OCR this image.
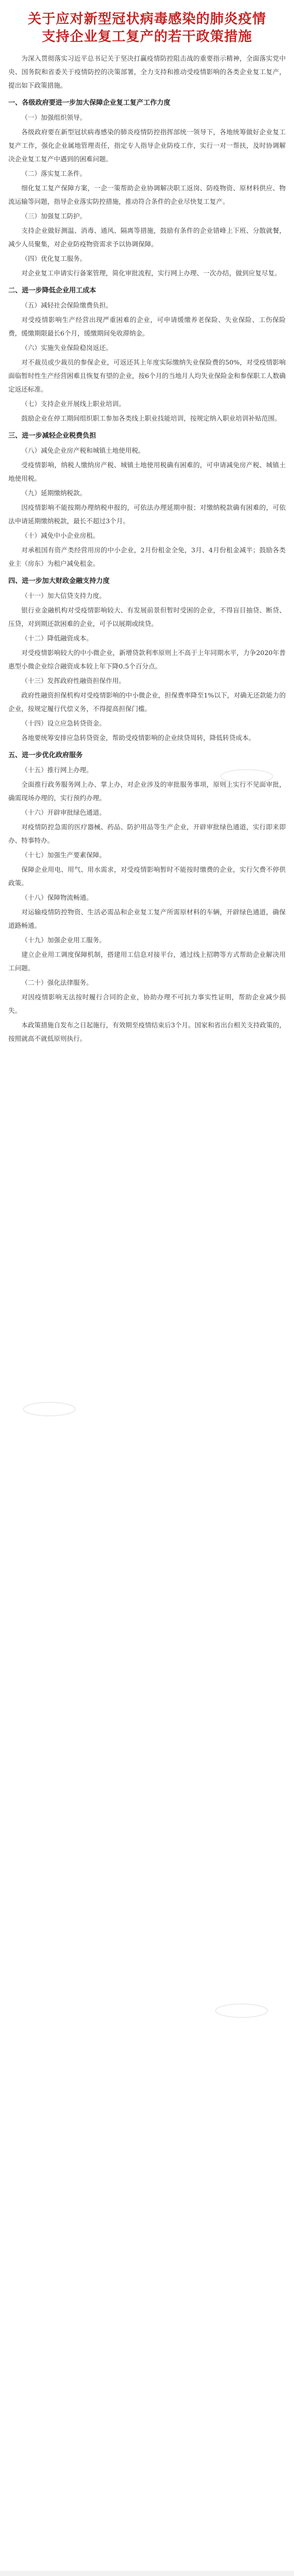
关于应对新型冠状病毒感染的肺炎疫情
支持企业复工复产的若干政策措施

为深入贯彻落实习近平总书记关于坚决打赢疫情防控阻击战的重要指示精神，全面落实党中央、国务院和省委关于疫情防控的决策部署，全力支持和推动受疫情影响的各类企业复工复产，提出如下政策措施。

一、各级政府要进一步加大保障企业复工复产工作力度
（一）加强组织领导。

各级政府要在新型冠状病毒感染的肺炎疫情防控指挥部统一领导下，各地统筹做好企业复工复产工作，强化企业属地管理责任，指定专人指导企业防疫工作，实行一对一帮扶，及时协调解决企业复工复产中遇到的困难问题。

（二）落实复工条件。

细化复工复产保障方案，一企一策帮助企业协调解决职工返岗、防疫物资、原材料供应、物流运输等问题，指导企业落实防控措施，推动符合条件的企业尽快复工复产。

（三）加强复工防护。

支持企业做好测温、消毒、通风、隔离等措施，鼓励有条件的企业错峰上下班、分散就餐，减少人员聚集，对企业防疫物资需求予以协调保障。

（四）优化复工服务。

对企业复工申请实行备案管理，简化审批流程，实行网上办理、一次办结，做到应复尽复。

二、进一步降低企业用工成本
（五）减轻社会保险缴费负担。

对受疫情影响生产经营出现严重困难的企业，可申请缓缴养老保险、失业保险、工伤保险费，缓缴期限最长6个月，缓缴期间免收滞纳金。

（六）实施失业保险稳岗返还。

对不裁员或少裁员的参保企业，可返还其上年度实际缴纳失业保险费的50%，对受疫情影响面临暂时性生产经营困难且恢复有望的企业，按6个月的当地月人均失业保险金和参保职工人数确定返还标准。

（七）支持企业开展线上职业培训。

鼓励企业在停工期间组织职工参加各类线上职业技能培训，按规定纳入职业培训补贴范围。

三、进一步减轻企业税费负担
（八）减免企业房产税和城镇土地使用税。

受疫情影响，纳税人缴纳房产税、城镇土地使用税确有困难的，可申请减免房产税、城镇土地使用税。

（九）延期缴纳税款。

因疫情影响不能按期办理纳税申报的，可依法办理延期申报；对缴纳税款确有困难的，可依法申请延期缴纳税款，最长不超过3个月。

（十）减免中小企业房租。

对承租国有资产类经营用房的中小企业，2月份租金全免，3月、4月份租金减半；鼓励各类业主（房东）为租户减免租金。

四、进一步加大财政金融支持力度
（十一）加大信贷支持力度。

银行业金融机构对受疫情影响较大、有发展前景但暂时受困的企业，不得盲目抽贷、断贷、压贷，对到期还款困难的企业，可予以展期或续贷。

（十二）降低融资成本。

对受疫情影响较大的中小微企业，新增贷款利率原则上不高于上年同期水平，力争2020年普惠型小微企业综合融资成本较上年下降0.5个百分点。

（十三）发挥政府性融资担保作用。

政府性融资担保机构对受疫情影响的中小微企业，担保费率降至1%以下，对确无还款能力的企业，按规定履行代偿义务，不得提高担保门槛。

（十四）设立应急转贷资金。

各地要统筹安排应急转贷资金，帮助受疫情影响的企业续贷周转，降低转贷成本。

五、进一步优化政府服务
（十五）推行网上办理。

全面推行政务服务网上办、掌上办，对企业涉及的审批服务事项，原则上实行不见面审批，确需现场办理的，实行预约办理。

（十六）开辟审批绿色通道。

对疫情防控急需的医疗器械、药品、防护用品等生产企业，开辟审批绿色通道，实行即来即办、特事特办。

（十七）加强生产要素保障。

保障企业用电、用气、用水需求，对受疫情影响暂时不能按时缴费的企业，实行欠费不停供政策。

（十八）保障物流畅通。

对运输疫情防控物资、生活必需品和企业复工复产所需原材料的车辆，开辟绿色通道，确保道路畅通。

（十九）加强企业用工服务。

建立企业用工调度保障机制，搭建用工信息对接平台，通过线上招聘等方式帮助企业解决用工问题。

（二十）强化法律服务。

对因疫情影响无法按时履行合同的企业，协助办理不可抗力事实性证明，帮助企业减少损失。

本政策措施自发布之日起施行，有效期至疫情结束后3个月。国家和省出台相关支持政策的，按照就高不就低原则执行。
